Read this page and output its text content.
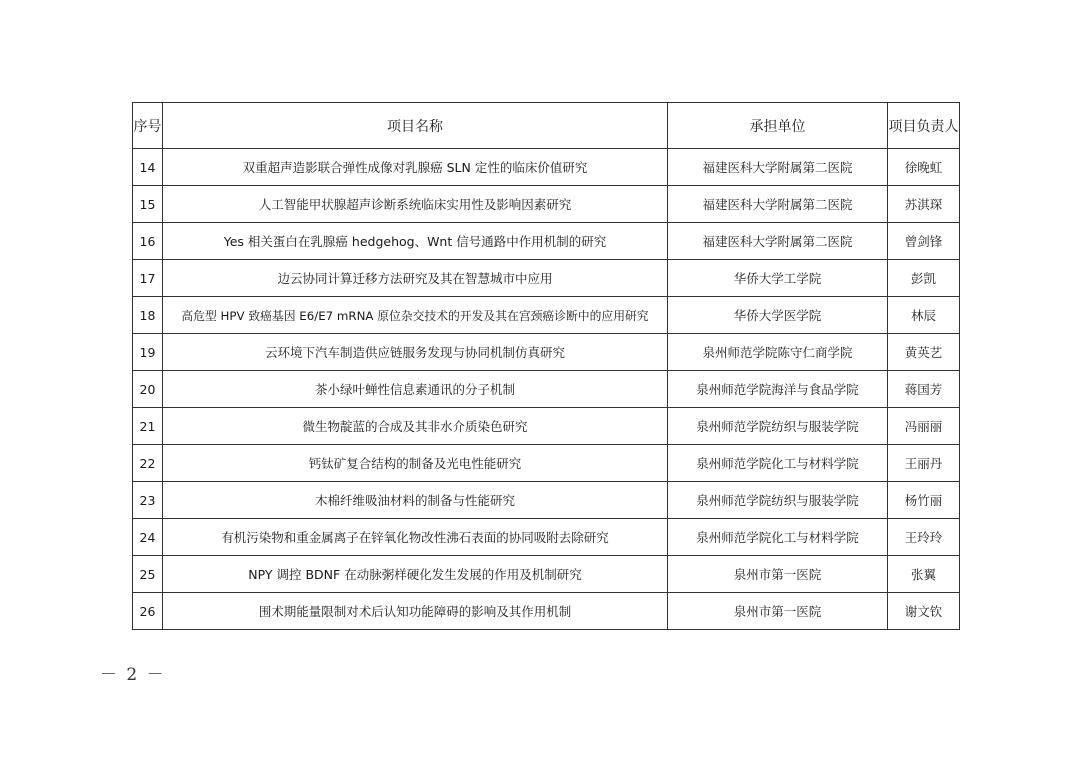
序号	项目名称	承担单位	项目负责人
14	双重超声造影联合弹性成像对乳腺癌 SLN 定性的临床价值研究	福建医科大学附属第二医院	徐晚虹
15	人工智能甲状腺超声诊断系统临床实用性及影响因素研究	福建医科大学附属第二医院	苏淇琛
16	Yes 相关蛋白在乳腺癌 hedgehog、Wnt 信号通路中作用机制的研究	福建医科大学附属第二医院	曾剑锋
17	边云协同计算迁移方法研究及其在智慧城市中应用	华侨大学工学院	彭凯
18	高危型 HPV 致癌基因 E6/E7 mRNA 原位杂交技术的开发及其在宫颈癌诊断中的应用研究	华侨大学医学院	林辰
19	云环境下汽车制造供应链服务发现与协同机制仿真研究	泉州师范学院陈守仁商学院	黄英艺
20	茶小绿叶蝉性信息素通讯的分子机制	泉州师范学院海洋与食品学院	蒋国芳
21	微生物靛蓝的合成及其非水介质染色研究	泉州师范学院纺织与服装学院	冯丽丽
22	钙钛矿复合结构的制备及光电性能研究	泉州师范学院化工与材料学院	王丽丹
23	木棉纤维吸油材料的制备与性能研究	泉州师范学院纺织与服装学院	杨竹丽
24	有机污染物和重金属离子在锌氧化物改性沸石表面的协同吸附去除研究	泉州师范学院化工与材料学院	王玲玲
25	NPY 调控 BDNF 在动脉粥样硬化发生发展的作用及机制研究	泉州市第一医院	张翼
26	围术期能量限制对术后认知功能障碍的影响及其作用机制	泉州市第一医院	谢文钦
－ 2 －
